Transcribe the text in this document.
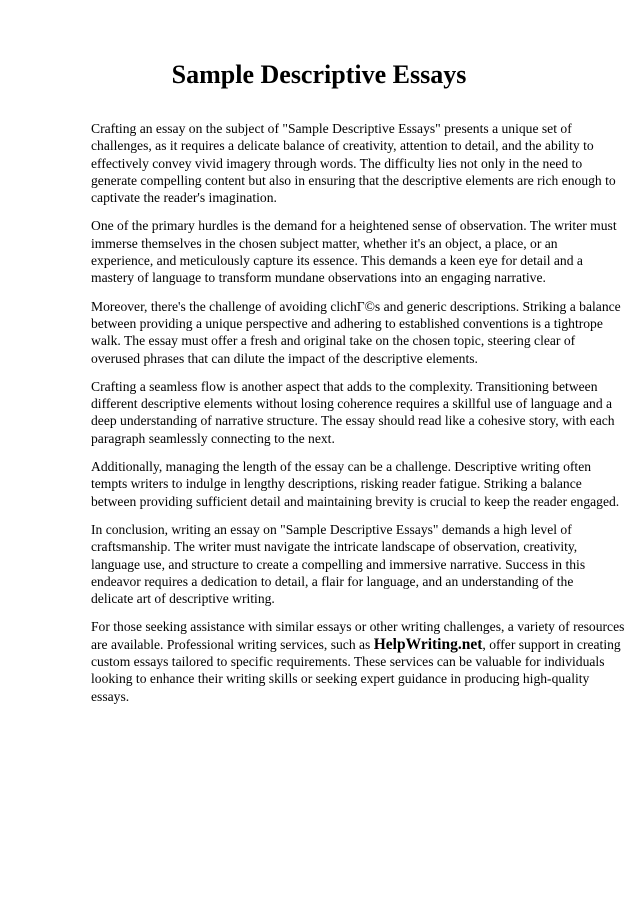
Sample Descriptive Essays

Crafting an essay on the subject of "Sample Descriptive Essays" presents a unique set of
challenges, as it requires a delicate balance of creativity, attention to detail, and the ability to
effectively convey vivid imagery through words. The difficulty lies not only in the need to
generate compelling content but also in ensuring that the descriptive elements are rich enough to
captivate the reader's imagination.

One of the primary hurdles is the demand for a heightened sense of observation. The writer must
immerse themselves in the chosen subject matter, whether it's an object, a place, or an
experience, and meticulously capture its essence. This demands a keen eye for detail and a
mastery of language to transform mundane observations into an engaging narrative.

Moreover, there's the challenge of avoiding clichГ©s and generic descriptions. Striking a balance
between providing a unique perspective and adhering to established conventions is a tightrope
walk. The essay must offer a fresh and original take on the chosen topic, steering clear of
overused phrases that can dilute the impact of the descriptive elements.

Crafting a seamless flow is another aspect that adds to the complexity. Transitioning between
different descriptive elements without losing coherence requires a skillful use of language and a
deep understanding of narrative structure. The essay should read like a cohesive story, with each
paragraph seamlessly connecting to the next.

Additionally, managing the length of the essay can be a challenge. Descriptive writing often
tempts writers to indulge in lengthy descriptions, risking reader fatigue. Striking a balance
between providing sufficient detail and maintaining brevity is crucial to keep the reader engaged.

In conclusion, writing an essay on "Sample Descriptive Essays" demands a high level of
craftsmanship. The writer must navigate the intricate landscape of observation, creativity,
language use, and structure to create a compelling and immersive narrative. Success in this
endeavor requires a dedication to detail, a flair for language, and an understanding of the
delicate art of descriptive writing.

For those seeking assistance with similar essays or other writing challenges, a variety of resources
are available. Professional writing services, such as HelpWriting.net, offer support in creating
custom essays tailored to specific requirements. These services can be valuable for individuals
looking to enhance their writing skills or seeking expert guidance in producing high-quality
essays.
